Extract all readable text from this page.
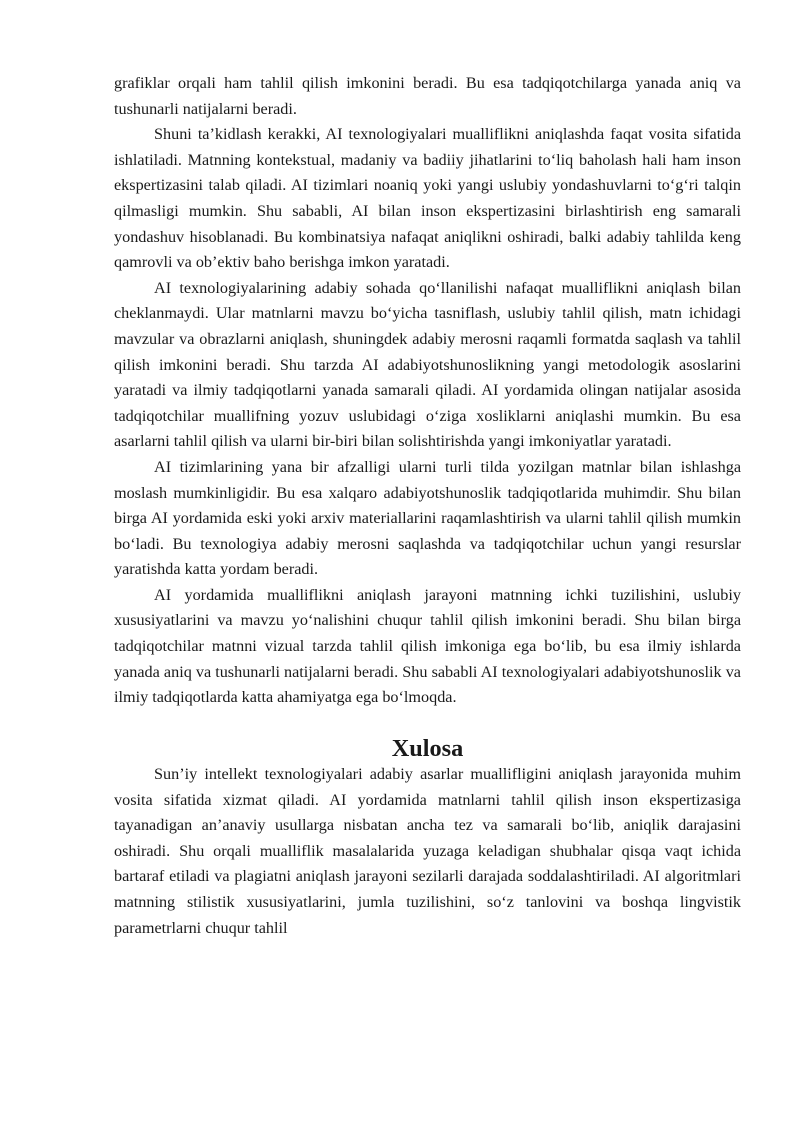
grafiklar orqali ham tahlil qilish imkonini beradi. Bu esa tadqiqotchilarga yanada aniq va tushunarli natijalarni beradi.

Shuni ta’kidlash kerakki, AI texnologiyalari mualliflikni aniqlashda faqat vosita sifatida ishlatiladi. Matnning kontekstual, madaniy va badiiy jihatlarini to‘liq baholash hali ham inson ekspertizasini talab qiladi. AI tizimlari noaniq yoki yangi uslubiy yondashuvlarni to‘g‘ri talqin qilmasligi mumkin. Shu sababli, AI bilan inson ekspertizasini birlashtirish eng samarali yondashuv hisoblanadi. Bu kombinatsiya nafaqat aniqlikni oshiradi, balki adabiy tahlilda keng qamrovli va ob’ektiv baho berishga imkon yaratadi.

AI texnologiyalarining adabiy sohada qo‘llanilishi nafaqat mualliflikni aniqlash bilan cheklanmaydi. Ular matnlarni mavzu bo‘yicha tasniflash, uslubiy tahlil qilish, matn ichidagi mavzular va obrazlarni aniqlash, shuningdek adabiy merosni raqamli formatda saqlash va tahlil qilish imkonini beradi. Shu tarzda AI adabiyotshunoslikning yangi metodologik asoslarini yaratadi va ilmiy tadqiqotlarni yanada samarali qiladi. AI yordamida olingan natijalar asosida tadqiqotchilar muallifning yozuv uslubidagi o‘ziga xosliklarni aniqlashi mumkin. Bu esa asarlarni tahlil qilish va ularni bir-biri bilan solishtirishda yangi imkoniyatlar yaratadi.

AI tizimlarining yana bir afzalligi ularni turli tilda yozilgan matnlar bilan ishlashga moslash mumkinligidir. Bu esa xalqaro adabiyotshunoslik tadqiqotlarida muhimdir. Shu bilan birga AI yordamida eski yoki arxiv materiallarini raqamlashtirish va ularni tahlil qilish mumkin bo‘ladi. Bu texnologiya adabiy merosni saqlashda va tadqiqotchilar uchun yangi resurslar yaratishda katta yordam beradi.

AI yordamida mualliflikni aniqlash jarayoni matnning ichki tuzilishini, uslubiy xususiyatlarini va mavzu yo‘nalishini chuqur tahlil qilish imkonini beradi. Shu bilan birga tadqiqotchilar matnni vizual tarzda tahlil qilish imkoniga ega bo‘lib, bu esa ilmiy ishlarda yanada aniq va tushunarli natijalarni beradi. Shu sababli AI texnologiyalari adabiyotshunoslik va ilmiy tadqiqotlarda katta ahamiyatga ega bo‘lmoqda.

Xulosa

Sun’iy intellekt texnologiyalari adabiy asarlar muallifligini aniqlash jarayonida muhim vosita sifatida xizmat qiladi. AI yordamida matnlarni tahlil qilish inson ekspertizasiga tayanadigan an’anaviy usullarga nisbatan ancha tez va samarali bo‘lib, aniqlik darajasini oshiradi. Shu orqali mualliflik masalalarida yuzaga keladigan shubhalar qisqa vaqt ichida bartaraf etiladi va plagiatni aniqlash jarayoni sezilarli darajada soddalashtiriladi. AI algoritmlari matnning stilistik xususiyatlarini, jumla tuzilishini, so‘z tanlovini va boshqa lingvistik parametrlarni chuqur tahlil
